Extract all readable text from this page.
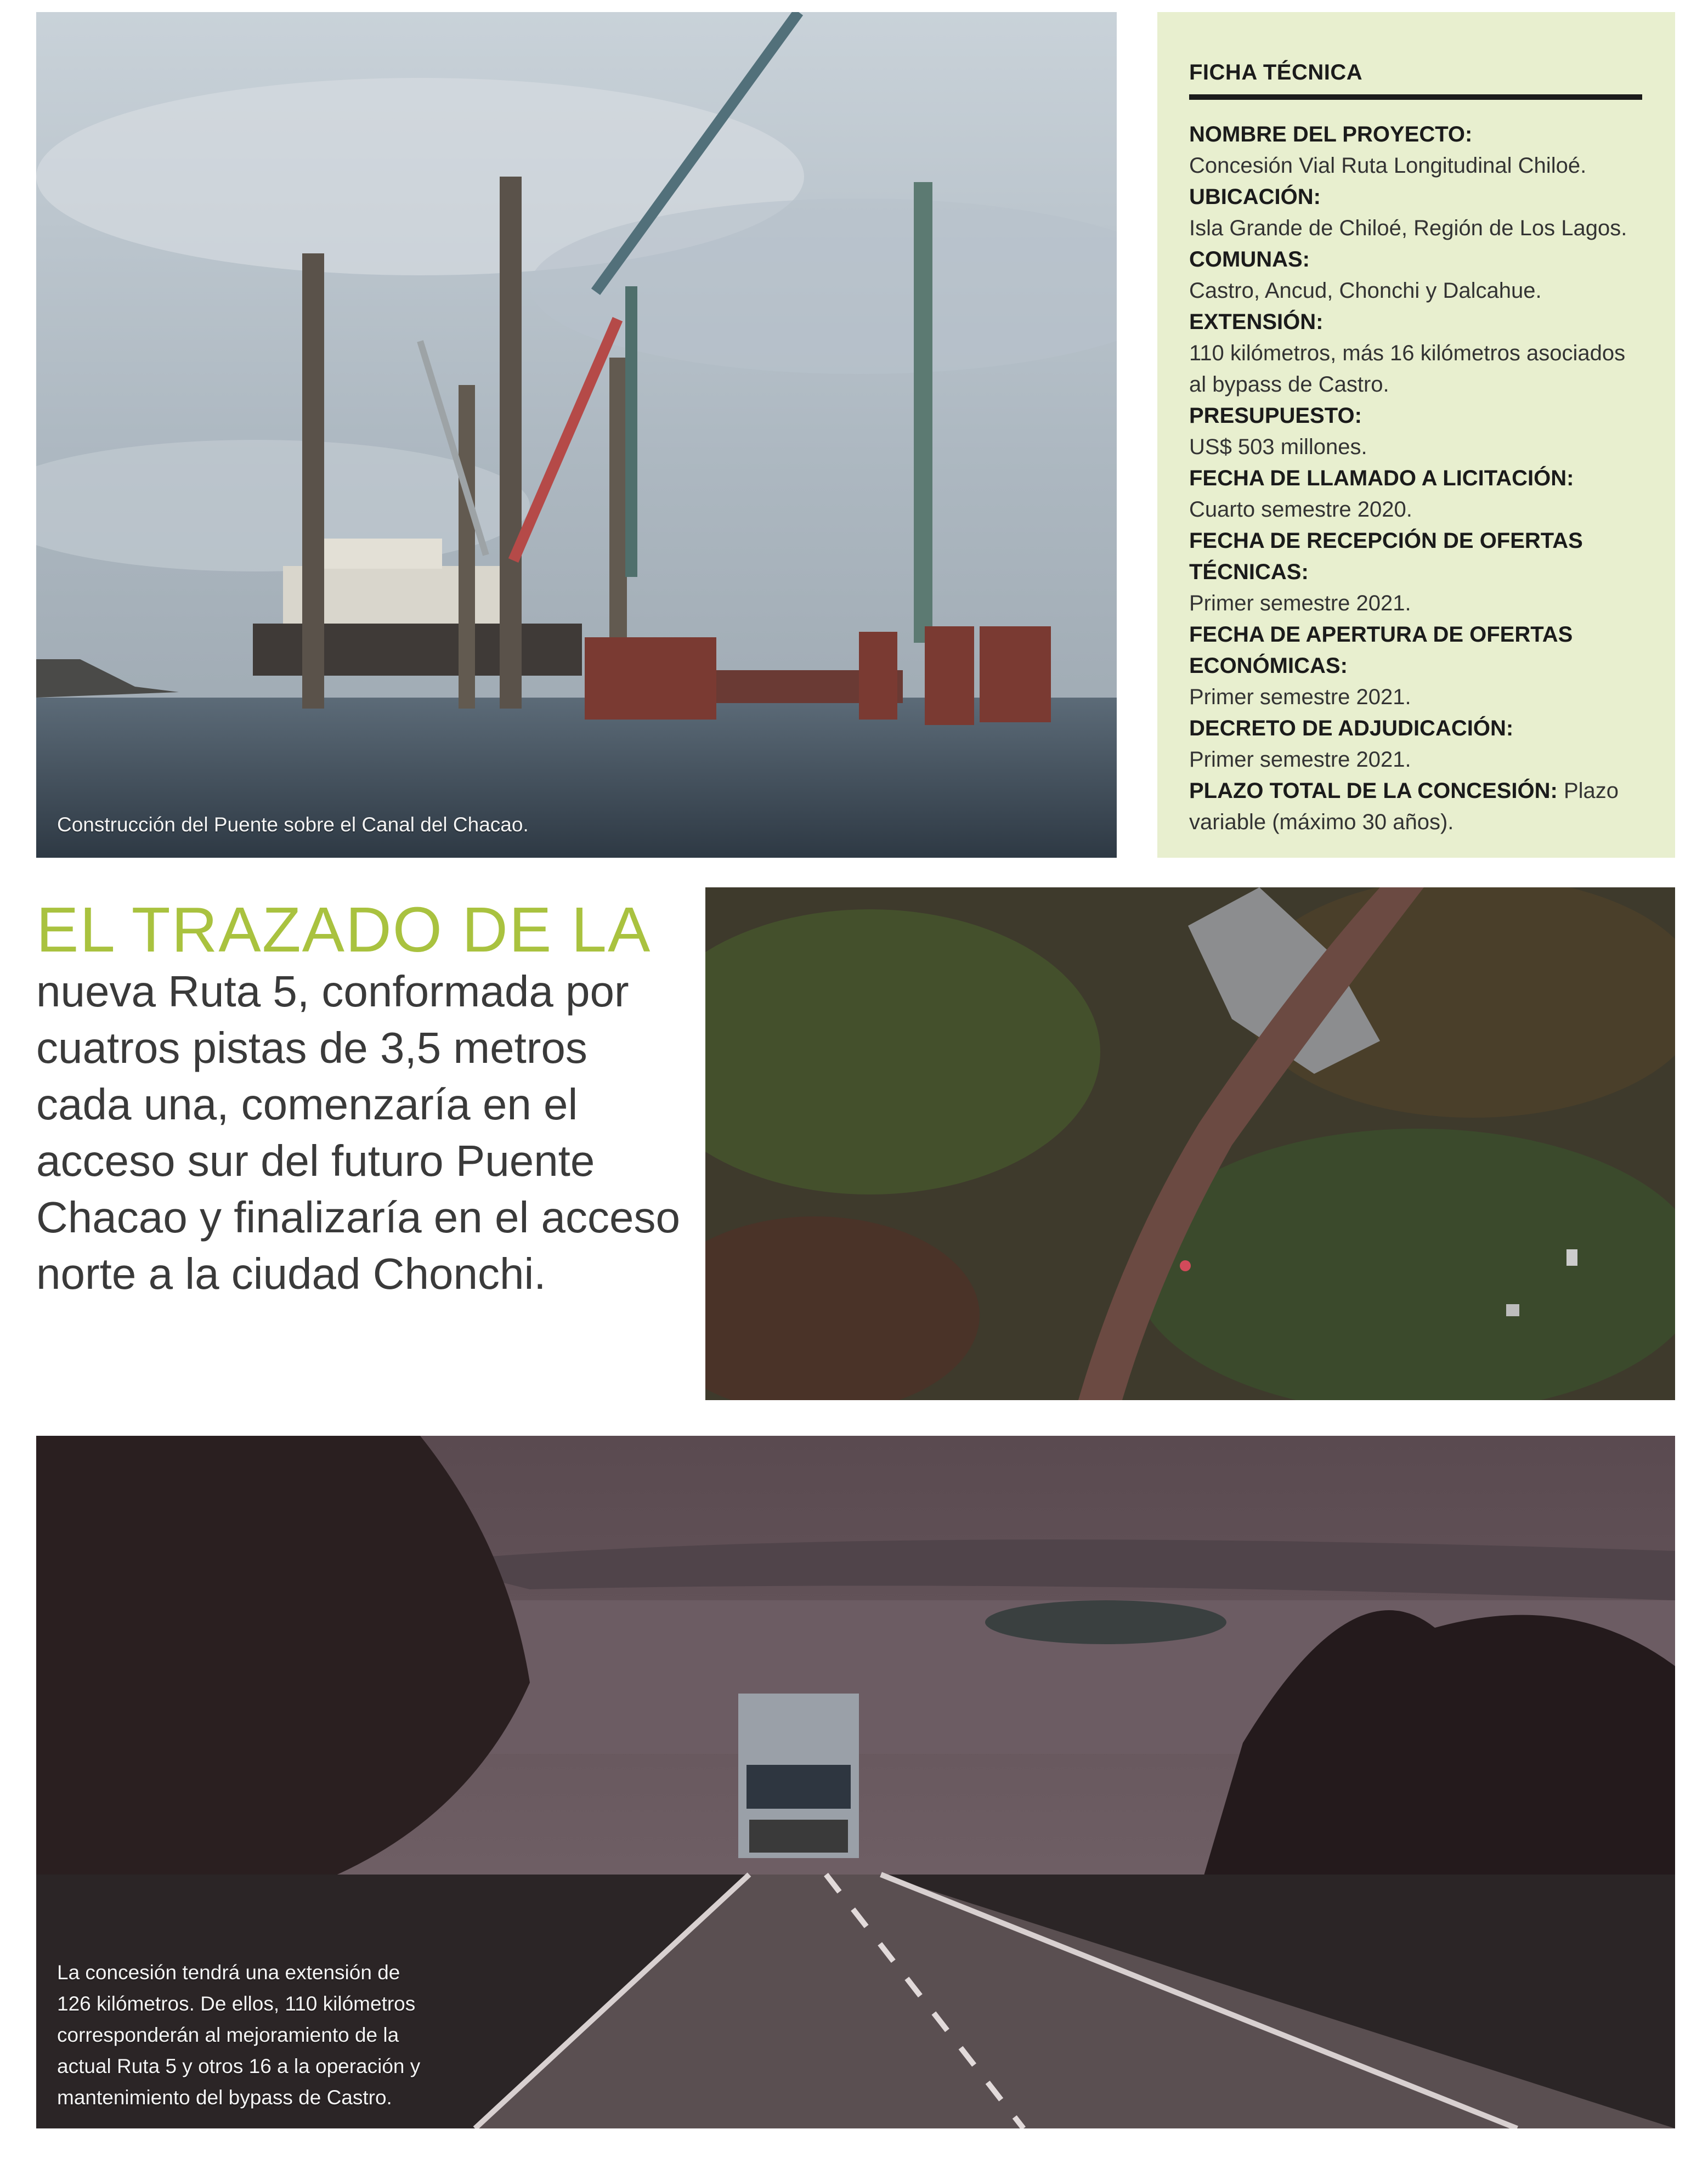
Construcción del Puente sobre el Canal del Chacao.
FICHA TÉCNICA
NOMBRE DEL PROYECTO:
Concesión Vial Ruta Longitudinal Chiloé.
UBICACIÓN:
Isla Grande de Chiloé, Región de Los Lagos.
COMUNAS:
Castro, Ancud, Chonchi y Dalcahue.
EXTENSIÓN:
110 kilómetros, más 16 kilómetros asociados al bypass de Castro.
PRESUPUESTO:
US$ 503 millones.
FECHA DE LLAMADO A LICITACIÓN:
Cuarto semestre 2020.
FECHA DE RECEPCIÓN DE OFERTAS TÉCNICAS:
Primer semestre 2021.
FECHA DE APERTURA DE OFERTAS ECONÓMICAS:
Primer semestre 2021.
DECRETO DE ADJUDICACIÓN:
Primer semestre 2021.
PLAZO TOTAL DE LA CONCESIÓN: Plazo variable (máximo 30 años).
EL TRAZADO DE LA
nueva Ruta 5, conformada por cuatros pistas de 3,5 metros cada una, comenzaría en el acceso sur del futuro Puente Chacao y finalizaría en el acceso norte a la ciudad Chonchi.
La concesión tendrá una extensión de 126 kilómetros. De ellos, 110 kilómetros corresponderán al mejoramiento de la actual Ruta 5 y otros 16 a la operación y mantenimiento del bypass de Castro.
